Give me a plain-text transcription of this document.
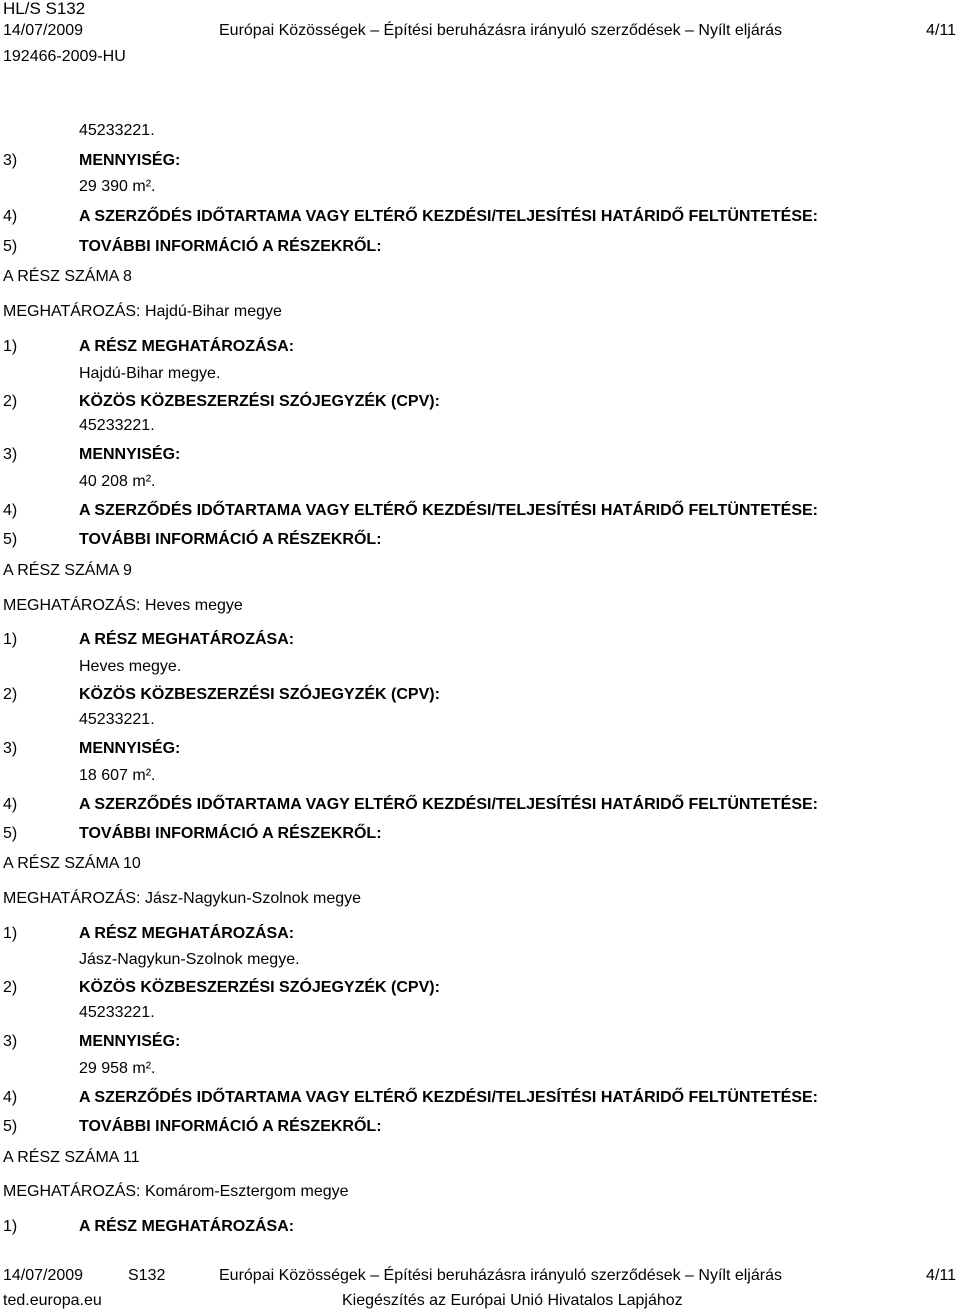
HL/S S132
14/07/2009	Európai Közösségek – Építési beruházásra irányuló szerződések – Nyílt eljárás	4/11
192466-2009-HU
45233221.
3)	MENNYISÉG:
29 390 m².
4)	A SZERZŐDÉS IDŐTARTAMA VAGY ELTÉRŐ KEZDÉSI/TELJESÍTÉSI HATÁRIDŐ FELTÜNTETÉSE:
5)	TOVÁBBI INFORMÁCIÓ A RÉSZEKRŐL:
A RÉSZ SZÁMA 8
MEGHATÁROZÁS: Hajdú-Bihar megye
1)	A RÉSZ MEGHATÁROZÁSA:
Hajdú-Bihar megye.
2)	KÖZÖS KÖZBESZERZÉSI SZÓJEGYZÉK (CPV):
45233221.
3)	MENNYISÉG:
40 208 m².
4)	A SZERZŐDÉS IDŐTARTAMA VAGY ELTÉRŐ KEZDÉSI/TELJESÍTÉSI HATÁRIDŐ FELTÜNTETÉSE:
5)	TOVÁBBI INFORMÁCIÓ A RÉSZEKRŐL:
A RÉSZ SZÁMA 9
MEGHATÁROZÁS: Heves megye
1)	A RÉSZ MEGHATÁROZÁSA:
Heves megye.
2)	KÖZÖS KÖZBESZERZÉSI SZÓJEGYZÉK (CPV):
45233221.
3)	MENNYISÉG:
18 607 m².
4)	A SZERZŐDÉS IDŐTARTAMA VAGY ELTÉRŐ KEZDÉSI/TELJESÍTÉSI HATÁRIDŐ FELTÜNTETÉSE:
5)	TOVÁBBI INFORMÁCIÓ A RÉSZEKRŐL:
A RÉSZ SZÁMA 10
MEGHATÁROZÁS: Jász-Nagykun-Szolnok megye
1)	A RÉSZ MEGHATÁROZÁSA:
Jász-Nagykun-Szolnok megye.
2)	KÖZÖS KÖZBESZERZÉSI SZÓJEGYZÉK (CPV):
45233221.
3)	MENNYISÉG:
29 958 m².
4)	A SZERZŐDÉS IDŐTARTAMA VAGY ELTÉRŐ KEZDÉSI/TELJESÍTÉSI HATÁRIDŐ FELTÜNTETÉSE:
5)	TOVÁBBI INFORMÁCIÓ A RÉSZEKRŐL:
A RÉSZ SZÁMA 11
MEGHATÁROZÁS: Komárom-Esztergom megye
1)	A RÉSZ MEGHATÁROZÁSA:
14/07/2009	S132	Európai Közösségek – Építési beruházásra irányuló szerződések – Nyílt eljárás	4/11
ted.europa.eu	Kiegészítés az Európai Unió Hivatalos Lapjához
